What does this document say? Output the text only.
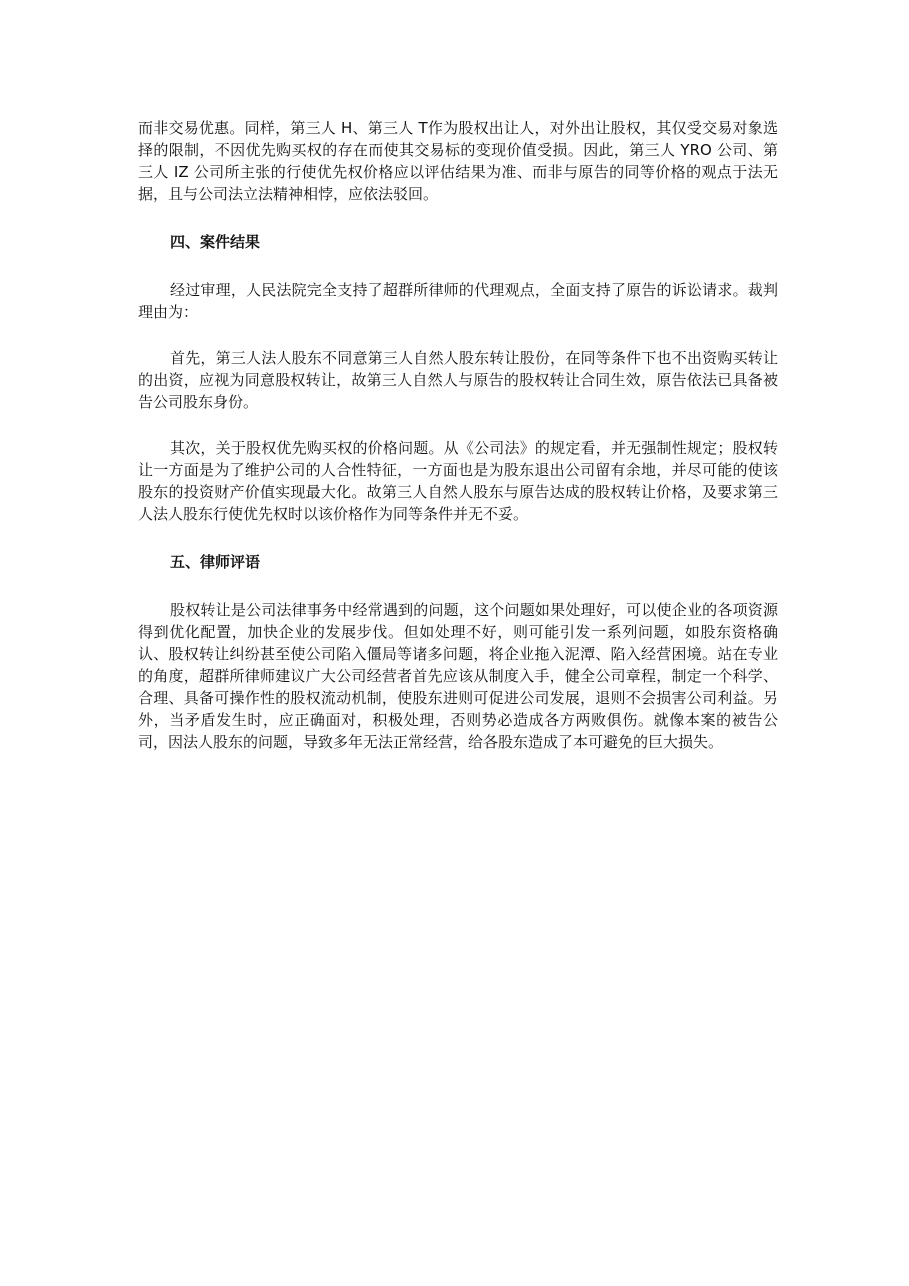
而非交易优惠。同样，第三人 H、第三人 T作为股权出让人，对外出让股权，其仅受交易对象选择的限制，不因优先购买权的存在而使其交易标的变现价值受损。因此，第三人 YRO 公司、第三人 IZ 公司所主张的行使优先权价格应以评估结果为准、而非与原告的同等价格的观点于法无据，且与公司法立法精神相悖，应依法驳回。

四、案件结果

经过审理，人民法院完全支持了超群所律师的代理观点，全面支持了原告的诉讼请求。裁判理由为：

首先，第三人法人股东不同意第三人自然人股东转让股份，在同等条件下也不出资购买转让的出资，应视为同意股权转让，故第三人自然人与原告的股权转让合同生效，原告依法已具备被告公司股东身份。

其次，关于股权优先购买权的价格问题。从《公司法》的规定看，并无强制性规定；股权转让一方面是为了维护公司的人合性特征，一方面也是为股东退出公司留有余地，并尽可能的使该股东的投资财产价值实现最大化。故第三人自然人股东与原告达成的股权转让价格，及要求第三人法人股东行使优先权时以该价格作为同等条件并无不妥。

五、律师评语

股权转让是公司法律事务中经常遇到的问题，这个问题如果处理好，可以使企业的各项资源得到优化配置，加快企业的发展步伐。但如处理不好，则可能引发一系列问题，如股东资格确认、股权转让纠纷甚至使公司陷入僵局等诸多问题，将企业拖入泥潭、陷入经营困境。站在专业的角度，超群所律师建议广大公司经营者首先应该从制度入手，健全公司章程，制定一个科学、合理、具备可操作性的股权流动机制，使股东进则可促进公司发展，退则不会损害公司利益。另外，当矛盾发生时，应正确面对，积极处理，否则势必造成各方两败俱伤。就像本案的被告公司，因法人股东的问题，导致多年无法正常经营，给各股东造成了本可避免的巨大损失。
